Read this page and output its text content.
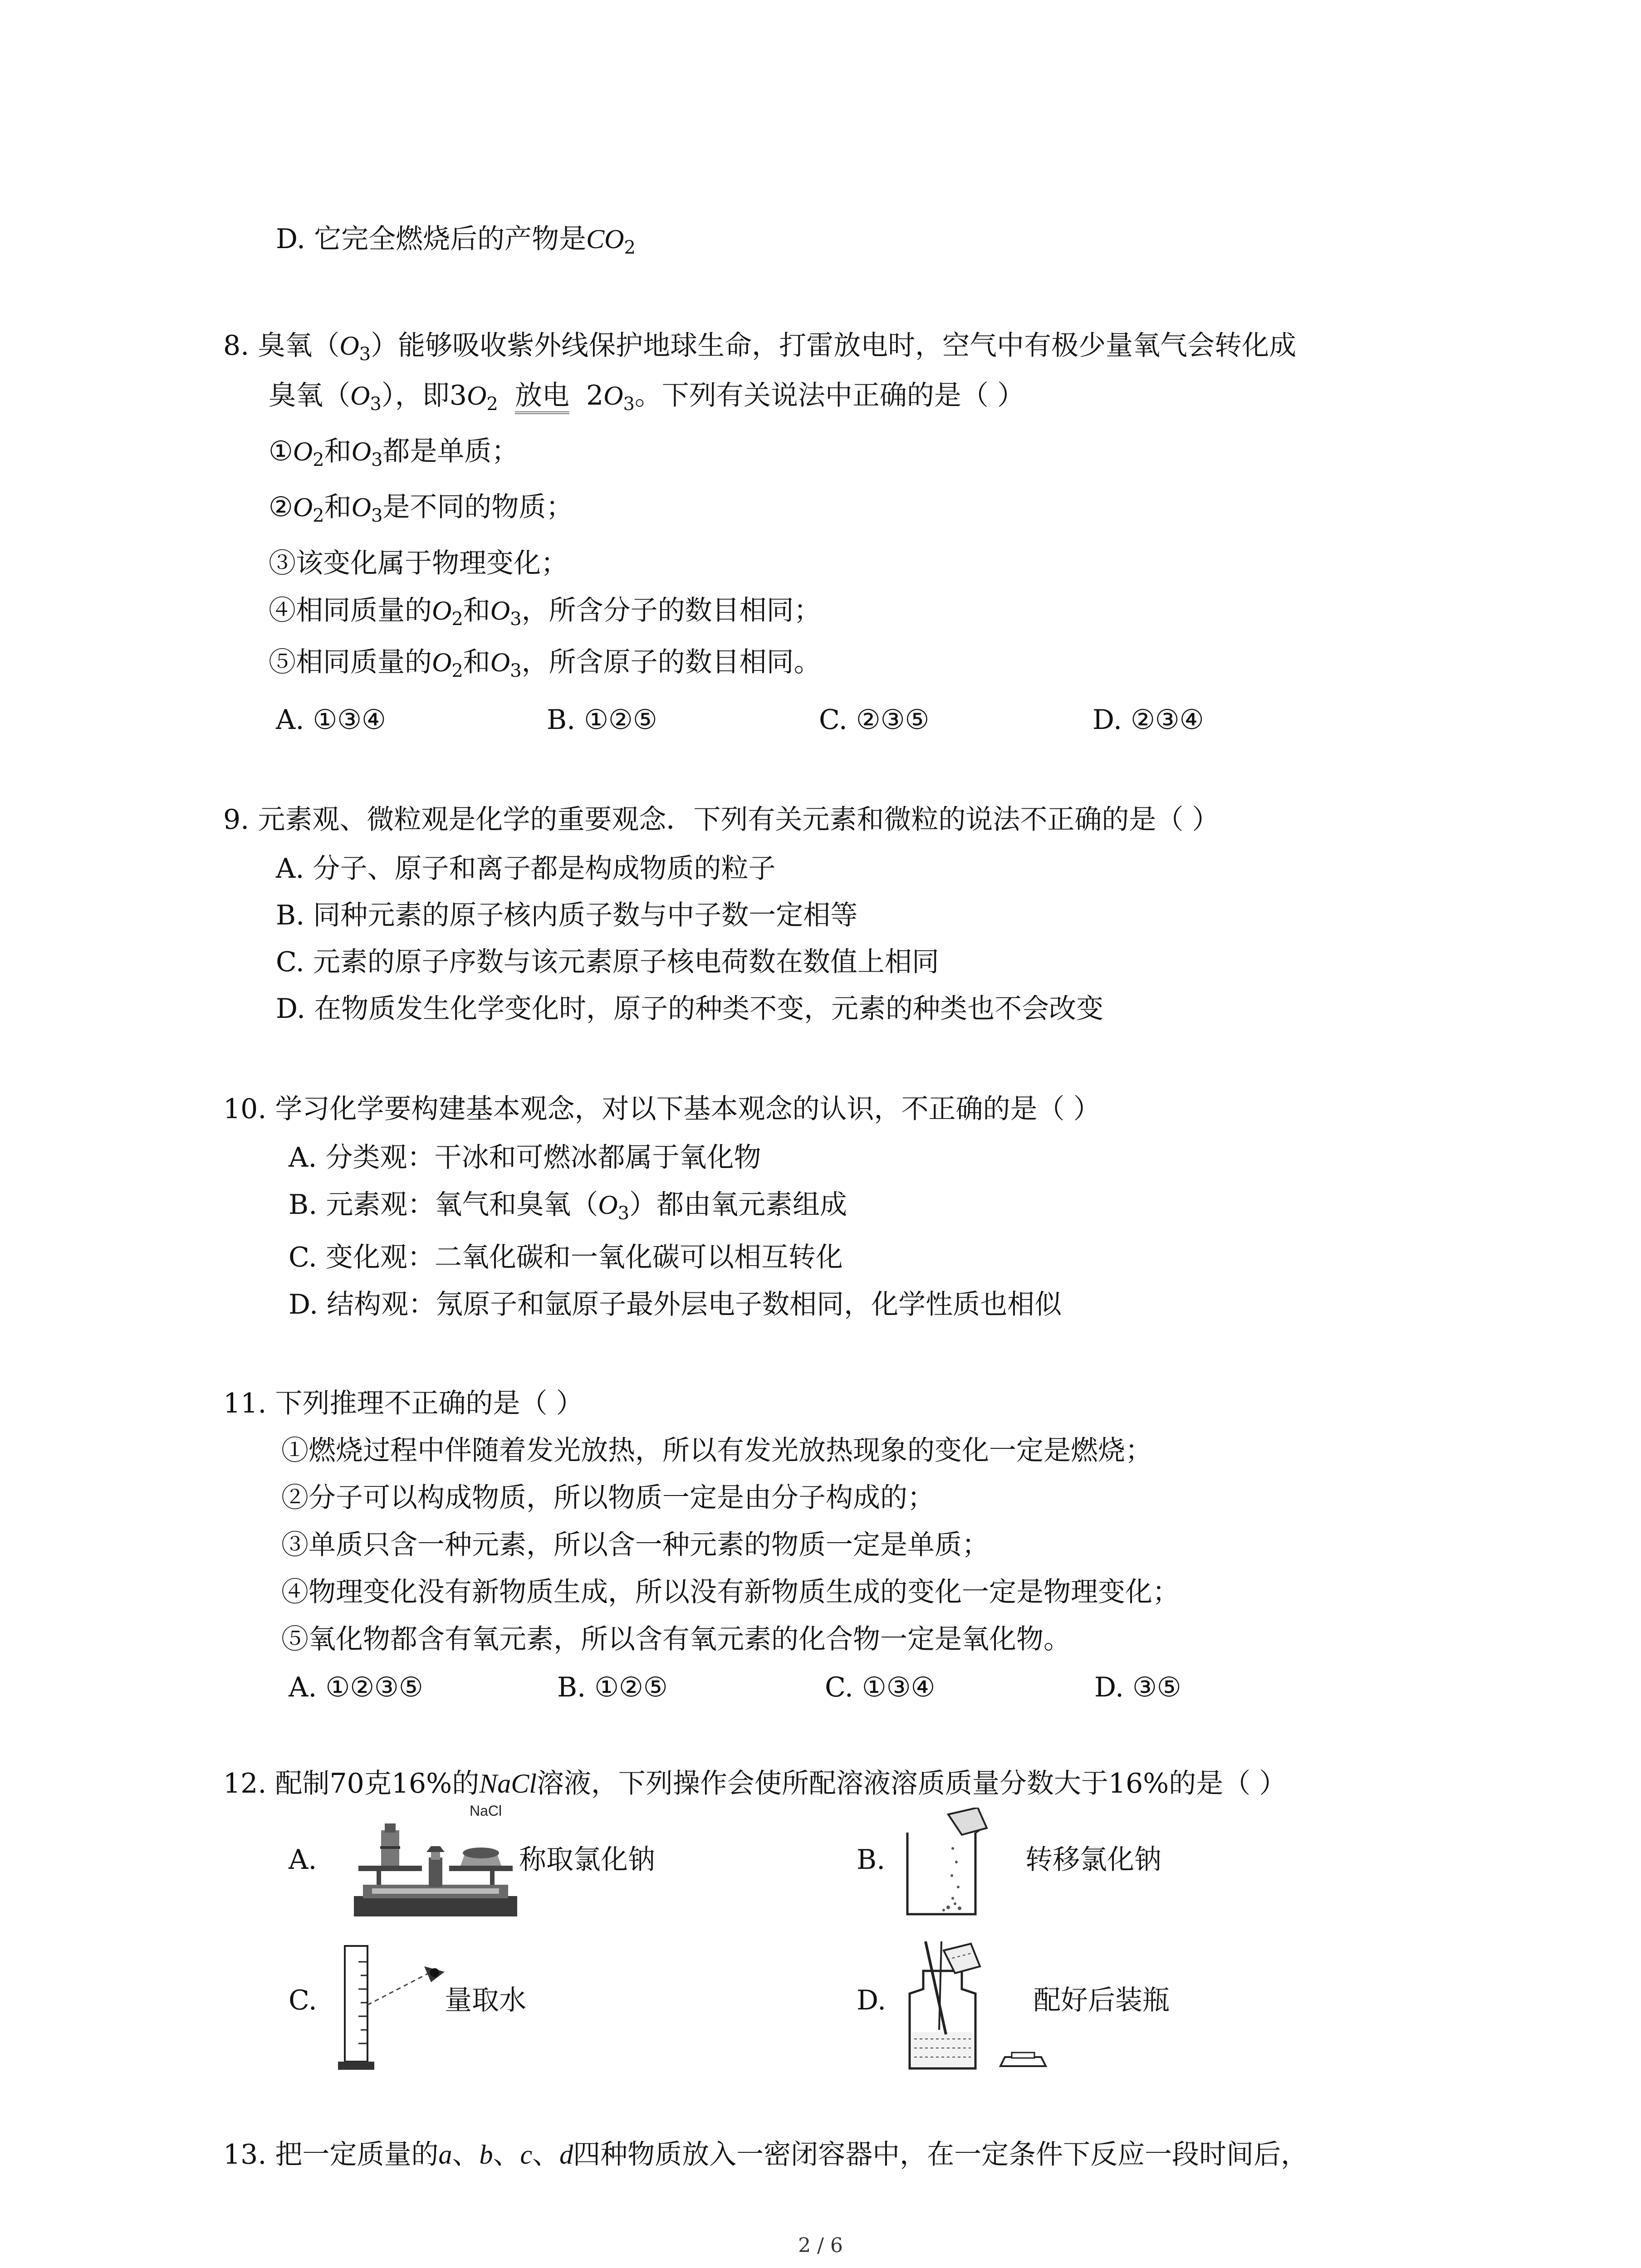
D. 它完全燃烧后的产物是$CO_2$
8. 臭氧$(O_3)$能够吸收紫外线保护地球生命，打雷放电时，空气中有极少量氧气会转化成
臭氧$(O_3)$，即$3O_2$ 放电 $2O_3$。下列有关说法中正确的是（ ）
$①O_2$和$O_3$都是单质；
$②O_2$和$O_3$是不同的物质；
③该变化属于物理变化；
④相同质量的$O_2$和$O_3$，所含分子的数目相同；
⑤相同质量的$O_2$和$O_3$，所含原子的数目相同。
A. ①③④	B. ①②⑤	C. ②③⑤	D. ②③④
9. 元素观、微粒观是化学的重要观念．下列有关元素和微粒的说法不正确的是（ ）
A. 分子、原子和离子都是构成物质的粒子
B. 同种元素的原子核内质子数与中子数一定相等
C. 元素的原子序数与该元素原子核电荷数在数值上相同
D. 在物质发生化学变化时，原子的种类不变，元素的种类也不会改变
10. 学习化学要构建基本观念，对以下基本观念的认识，不正确的是（ ）
A. 分类观：干冰和可燃冰都属于氧化物
B. 元素观：氧气和臭氧$(O_3)$都由氧元素组成
C. 变化观：二氧化碳和一氧化碳可以相互转化
D. 结构观：氖原子和氩原子最外层电子数相同，化学性质也相似
11. 下列推理不正确的是（ ）
①燃烧过程中伴随着发光放热，所以有发光放热现象的变化一定是燃烧；
②分子可以构成物质，所以物质一定是由分子构成的；
③单质只含一种元素，所以含一种元素的物质一定是单质；
④物理变化没有新物质生成，所以没有新物质生成的变化一定是物理变化；
⑤氧化物都含有氧元素，所以含有氧元素的化合物一定是氧化物。
A. ①②③⑤	B. ①②⑤	C. ①③④	D. ③⑤
12. 配制70克16%的NaCl溶液，下列操作会使所配溶液溶质质量分数大于16%的是（ ）
A.
NaCl
称取氯化钠	B.	转移氯化钠
C.	量取水	D.	配好后装瓶
13. 把一定质量的a、b、c、d四种物质放入一密闭容器中，在一定条件下反应一段时间后，
2 / 6
